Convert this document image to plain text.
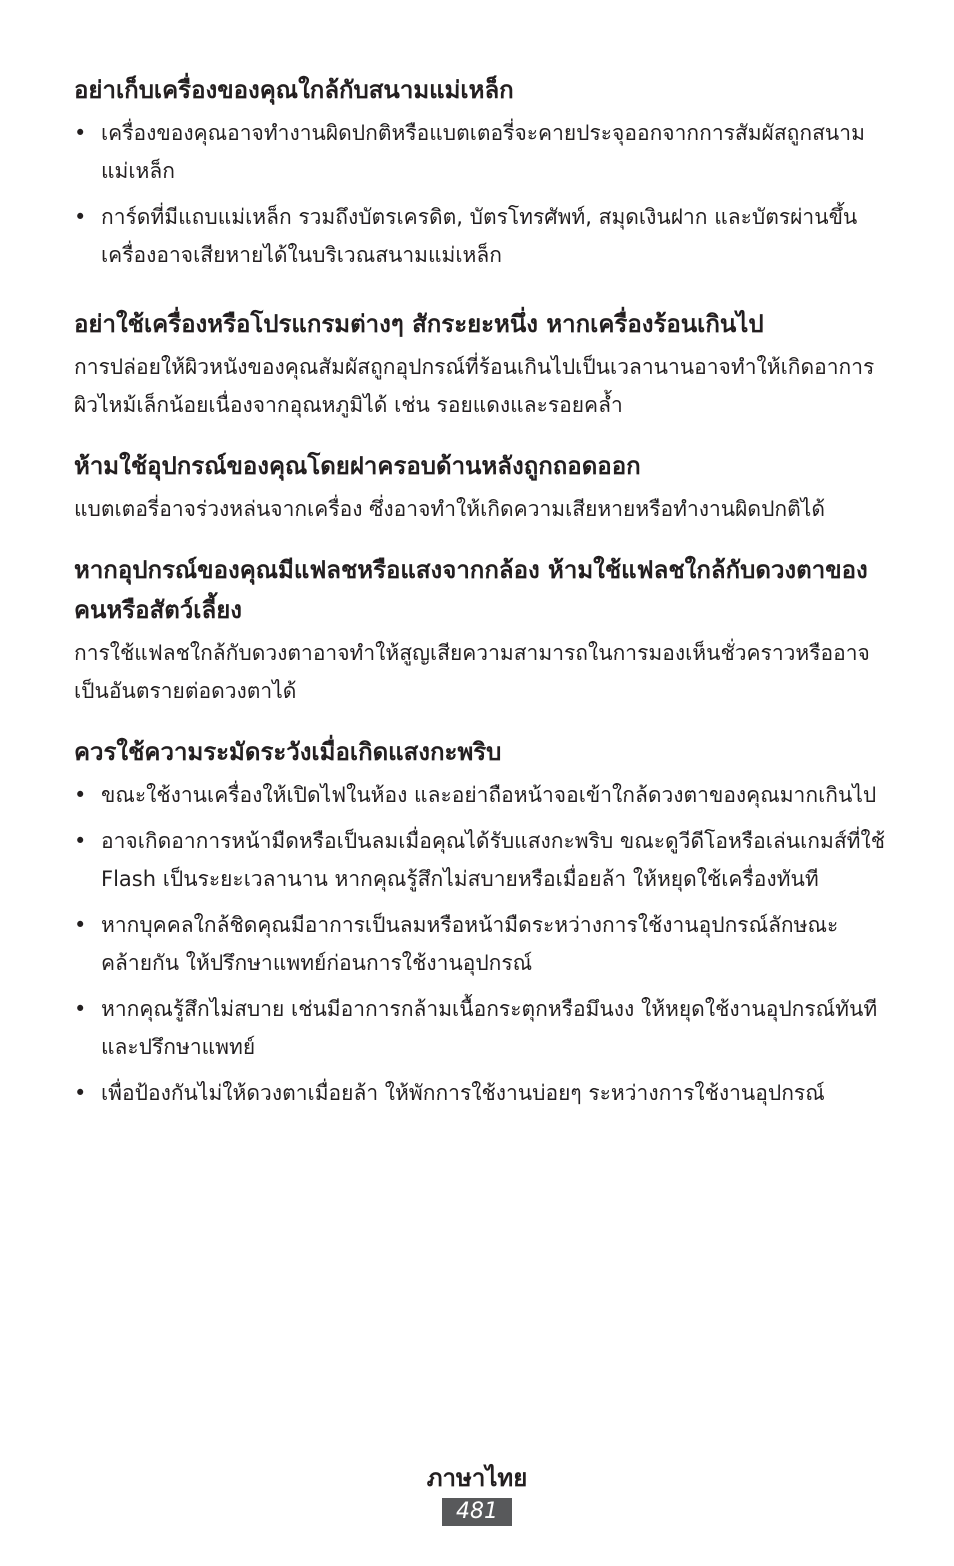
อย่าเก็บเครื่องของคุณใกล้กับสนามแม่เหล็ก
• เครื่องของคุณอาจทำงานผิดปกติหรือแบตเตอรี่จะคายประจุออกจากการสัมผัสถูกสนามแม่เหล็ก
• การ์ดที่มีแถบแม่เหล็ก รวมถึงบัตรเครดิต, บัตรโทรศัพท์, สมุดเงินฝาก และบัตรผ่านขึ้นเครื่องอาจเสียหายได้ในบริเวณสนามแม่เหล็ก
อย่าใช้เครื่องหรือโปรแกรมต่างๆ สักระยะหนึ่ง หากเครื่องร้อนเกินไป

การปล่อยให้ผิวหนังของคุณสัมผัสถูกอุปกรณ์ที่ร้อนเกินไปเป็นเวลานานอาจทำให้เกิดอาการผิวไหม้เล็กน้อยเนื่องจากอุณหภูมิได้ เช่น รอยแดงและรอยคล้ำ

ห้ามใช้อุปกรณ์ของคุณโดยฝาครอบด้านหลังถูกถอดออก

แบตเตอรี่อาจร่วงหล่นจากเครื่อง ซึ่งอาจทำให้เกิดความเสียหายหรือทำงานผิดปกติได้

หากอุปกรณ์ของคุณมีแฟลชหรือแสงจากกล้อง ห้ามใช้แฟลชใกล้กับดวงตาของคนหรือสัตว์เลี้ยง

การใช้แฟลชใกล้กับดวงตาอาจทำให้สูญเสียความสามารถในการมองเห็นชั่วคราวหรืออาจเป็นอันตรายต่อดวงตาได้

ควรใช้ความระมัดระวังเมื่อเกิดแสงกะพริบ
• ขณะใช้งานเครื่องให้เปิดไฟในห้อง และอย่าถือหน้าจอเข้าใกล้ดวงตาของคุณมากเกินไป
• อาจเกิดอาการหน้ามืดหรือเป็นลมเมื่อคุณได้รับแสงกะพริบ ขณะดูวีดีโอหรือเล่นเกมส์ที่ใช้ Flash เป็นระยะเวลานาน หากคุณรู้สึกไม่สบายหรือเมื่อยล้า ให้หยุดใช้เครื่องทันที
• หากบุคคลใกล้ชิดคุณมีอาการเป็นลมหรือหน้ามืดระหว่างการใช้งานอุปกรณ์ลักษณะคล้ายกัน ให้ปรึกษาแพทย์ก่อนการใช้งานอุปกรณ์
• หากคุณรู้สึกไม่สบาย เช่นมีอาการกล้ามเนื้อกระตุกหรือมึนงง ให้หยุดใช้งานอุปกรณ์ทันทีและปรึกษาแพทย์
• เพื่อป้องกันไม่ให้ดวงตาเมื่อยล้า ให้พักการใช้งานบ่อยๆ ระหว่างการใช้งานอุปกรณ์
ภาษาไทย
481
